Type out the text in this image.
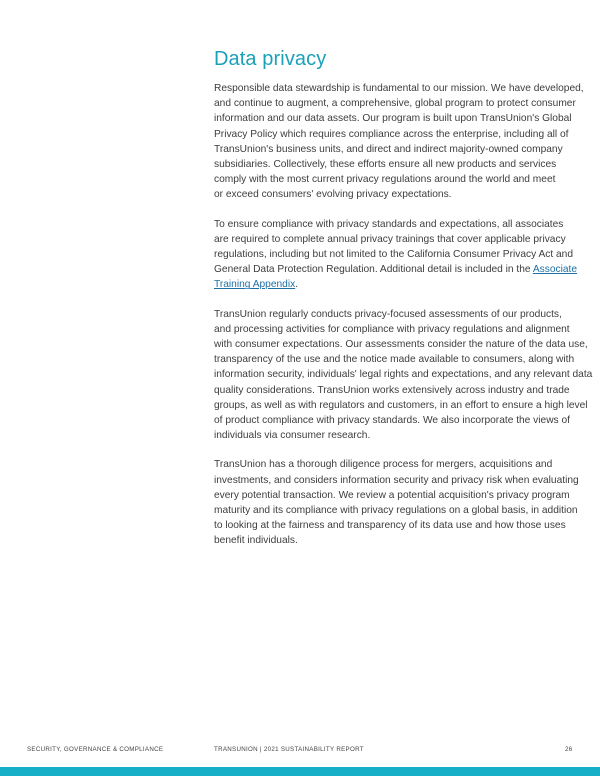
Data privacy

Responsible data stewardship is fundamental to our mission. We have developed,
and continue to augment, a comprehensive, global program to protect consumer
information and our data assets. Our program is built upon TransUnion's Global
Privacy Policy which requires compliance across the enterprise, including all of
TransUnion's business units, and direct and indirect majority-owned company
subsidiaries. Collectively, these efforts ensure all new products and services
comply with the most current privacy regulations around the world and meet
or exceed consumers' evolving privacy expectations.

To ensure compliance with privacy standards and expectations, all associates
are required to complete annual privacy trainings that cover applicable privacy
regulations, including but not limited to the California Consumer Privacy Act and
General Data Protection Regulation. Additional detail is included in the Associate
Training Appendix.

TransUnion regularly conducts privacy-focused assessments of our products,
and processing activities for compliance with privacy regulations and alignment
with consumer expectations. Our assessments consider the nature of the data use,
transparency of the use and the notice made available to consumers, along with
information security, individuals' legal rights and expectations, and any relevant data
quality considerations. TransUnion works extensively across industry and trade
groups, as well as with regulators and customers, in an effort to ensure a high level
of product compliance with privacy standards. We also incorporate the views of
individuals via consumer research.

TransUnion has a thorough diligence process for mergers, acquisitions and
investments, and considers information security and privacy risk when evaluating
every potential transaction. We review a potential acquisition's privacy program
maturity and its compliance with privacy regulations on a global basis, in addition
to looking at the fairness and transparency of its data use and how those uses
benefit individuals.

SECURITY, GOVERNANCE & COMPLIANCE	TRANSUNION | 2021 SUSTAINABILITY REPORT	26
